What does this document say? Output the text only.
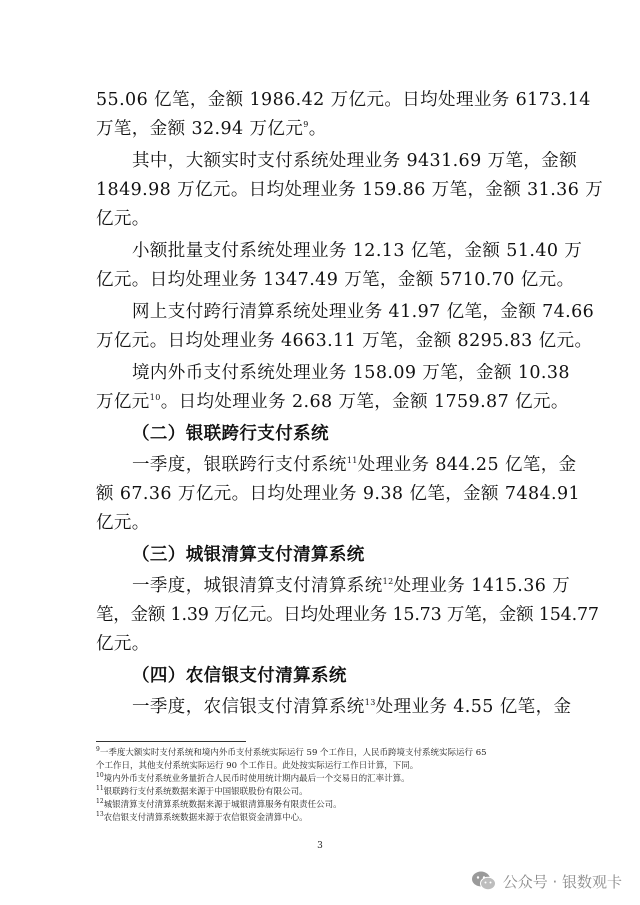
55.06 亿笔，金额 1986.42 万亿元。日均处理业务 6173.14
万笔，金额 32.94 万亿元$^9$。
其中，大额实时支付系统处理业务 9431.69 万笔，金额
1849.98 万亿元。日均处理业务 159.86 万笔，金额 31.36 万
亿元。
小额批量支付系统处理业务 12.13 亿笔，金额 51.40 万
亿元。日均处理业务 1347.49 万笔，金额 5710.70 亿元。
网上支付跨行清算系统处理业务 41.97 亿笔，金额 74.66
万亿元。日均处理业务 4663.11 万笔，金额 8295.83 亿元。
境内外币支付系统处理业务 158.09 万笔，金额 10.38
万亿元$^{10}$。日均处理业务 2.68 万笔，金额 1759.87 亿元。
（二）银联跨行支付系统
一季度，银联跨行支付系统$^{11}$处理业务 844.25 亿笔，金
额 67.36 万亿元。日均处理业务 9.38 亿笔，金额 7484.91
亿元。
（三）城银清算支付清算系统
一季度，城银清算支付清算系统$^{12}$处理业务 1415.36 万
笔，金额 1.39 万亿元。日均处理业务 15.73 万笔，金额 154.77
亿元。
（四）农信银支付清算系统
一季度，农信银支付清算系统$^{13}$处理业务 4.55 亿笔，金
$^9$一季度大额实时支付系统和境内外币支付系统实际运行 59 个工作日，人民币跨境支付系统实际运行 65
个工作日，其他支付系统实际运行 90 个工作日。此处按实际运行工作日计算，下同。
$^{10}$境内外币支付系统业务量折合人民币时使用统计期内最后一个交易日的汇率计算。
$^{11}$银联跨行支付系统数据来源于中国银联股份有限公司。
$^{12}$城银清算支付清算系统数据来源于城银清算服务有限责任公司。
$^{13}$农信银支付清算系统数据来源于农信银资金清算中心。
3
公众号 · 银数观卡
